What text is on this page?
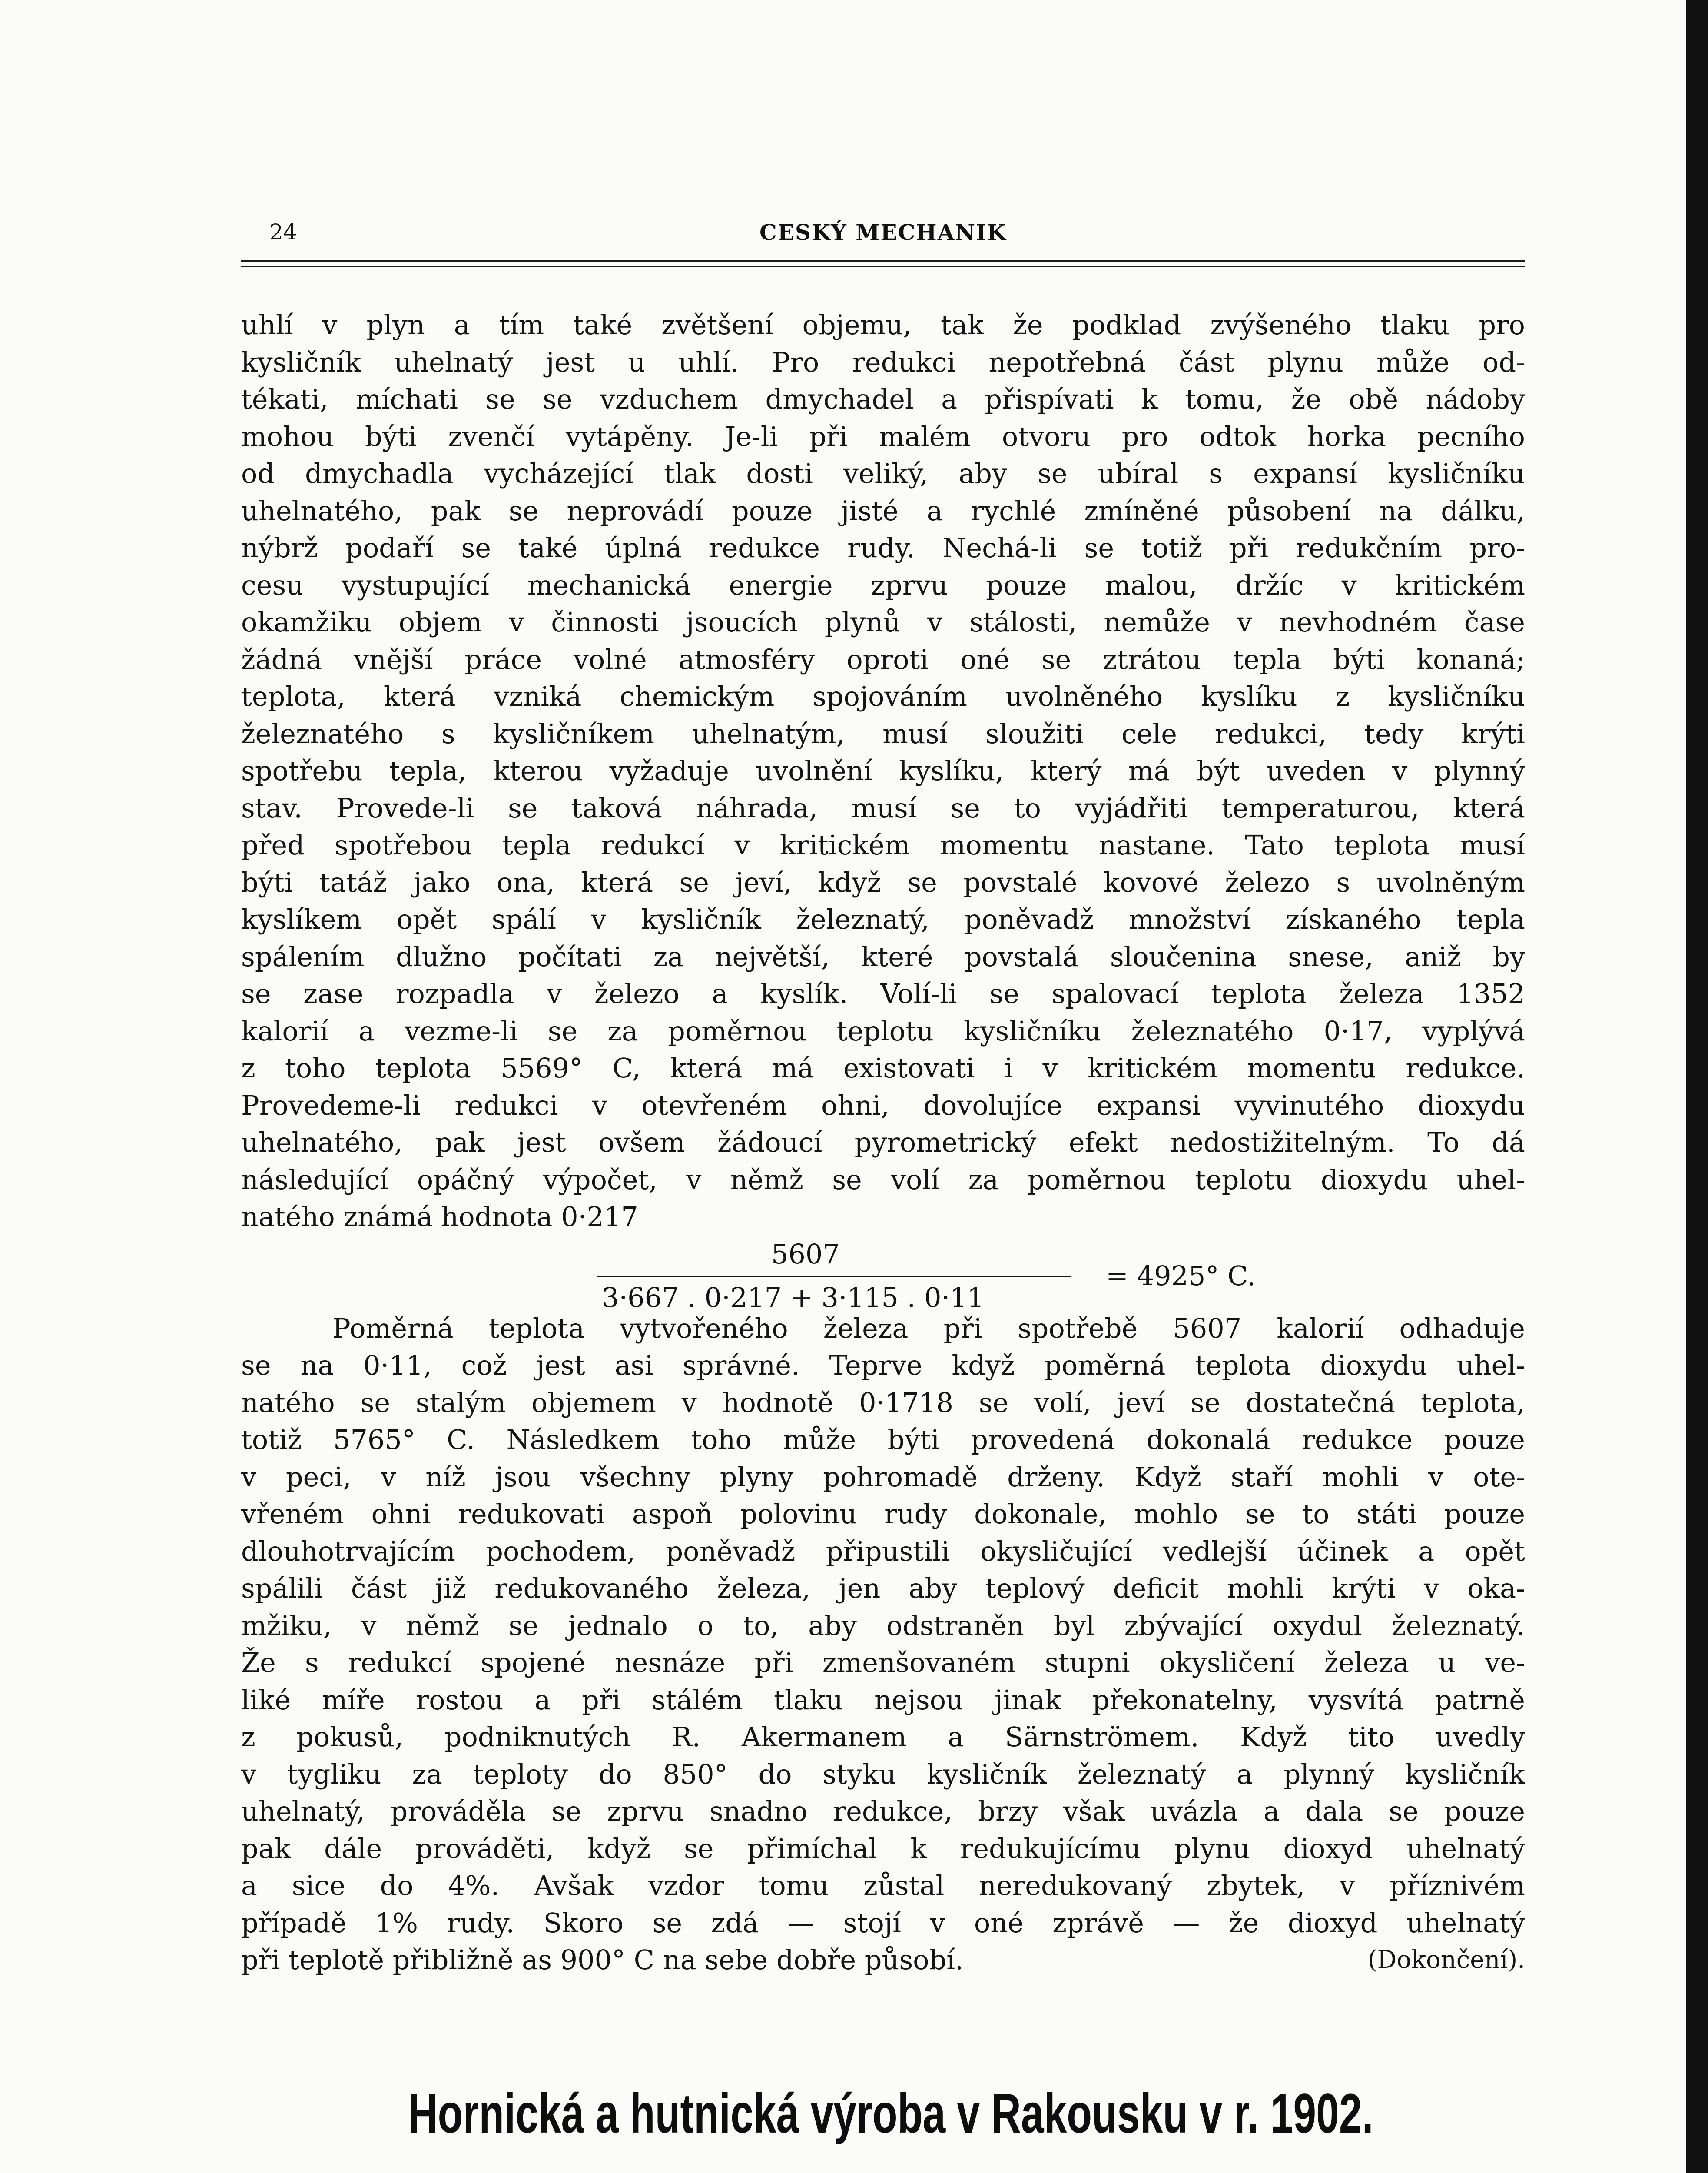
24	CESKÝ MECHANIK
uhlí v plyn a tím také zvětšení objemu, tak že podklad zvýšeného tlaku pro
kysličník uhelnatý jest u uhlí. Pro redukci nepotřebná část plynu může od-
tékati, míchati se se vzduchem dmychadel a přispívati k tomu, že obě nádoby
mohou býti zvenčí vytápěny. Je-li při malém otvoru pro odtok horka pecního
od dmychadla vycházející tlak dosti veliký, aby se ubíral s expansí kysličníku
uhelnatého, pak se neprovádí pouze jisté a rychlé zmíněné působení na dálku,
nýbrž podaří se také úplná redukce rudy. Nechá-li se totiž při redukčním pro-
cesu vystupující mechanická energie zprvu pouze malou, držíc v kritickém
okamžiku objem v činnosti jsoucích plynů v stálosti, nemůže v nevhodném čase
žádná vnější práce volné atmosféry oproti oné se ztrátou tepla býti konaná;
teplota, která vzniká chemickým spojováním uvolněného kyslíku z kysličníku
železnatého s kysličníkem uhelnatým, musí sloužiti cele redukci, tedy krýti
spotřebu tepla, kterou vyžaduje uvolnění kyslíku, který má být uveden v plynný
stav. Provede-li se taková náhrada, musí se to vyjádřiti temperaturou, která
před spotřebou tepla redukcí v kritickém momentu nastane. Tato teplota musí
býti tatáž jako ona, která se jeví, když se povstalé kovové železo s uvolněným
kyslíkem opět spálí v kysličník železnatý, poněvadž množství získaného tepla
spálením dlužno počítati za největší, které povstalá sloučenina snese, aniž by
se zase rozpadla v železo a kyslík. Volí-li se spalovací teplota železa 1352
kalorií a vezme-li se za poměrnou teplotu kysličníku železnatého 0·17, vyplývá
z toho teplota 5569° C, která má existovati i v kritickém momentu redukce.
Provedeme-li redukci v otevřeném ohni, dovolujíce expansi vyvinutého dioxydu
uhelnatého, pak jest ovšem žádoucí pyrometrický efekt nedostižitelným. To dá
následující opáčný výpočet, v němž se volí za poměrnou teplotu dioxydu uhel-
natého známá hodnota 0·217
5607
3·667 . 0·217 + 3·115 . 0·11
= 4925° C.
Poměrná teplota vytvořeného železa při spotřebě 5607 kalorií odhaduje
se na 0·11, což jest asi správné. Teprve když poměrná teplota dioxydu uhel-
natého se stalým objemem v hodnotě 0·1718 se volí, jeví se dostatečná teplota,
totiž 5765° C. Následkem toho může býti provedená dokonalá redukce pouze
v peci, v níž jsou všechny plyny pohromadě drženy. Když staří mohli v ote-
vřeném ohni redukovati aspoň polovinu rudy dokonale, mohlo se to státi pouze
dlouhotrvajícím pochodem, poněvadž připustili okysličující vedlejší účinek a opět
spálili část již redukovaného železa, jen aby teplový deficit mohli krýti v oka-
mžiku, v němž se jednalo o to, aby odstraněn byl zbývající oxydul železnatý.
Že s redukcí spojené nesnáze při zmenšovaném stupni okysličení železa u ve-
liké míře rostou a při stálém tlaku nejsou jinak překonatelny, vysvítá patrně
z pokusů, podniknutých R. Akermanem a Särnströmem. Když tito uvedly
v tygliku za teploty do 850° do styku kysličník železnatý a plynný kysličník
uhelnatý, prováděla se zprvu snadno redukce, brzy však uvázla a dala se pouze
pak dále prováděti, když se přimíchal k redukujícímu plynu dioxyd uhelnatý
a sice do 4%. Avšak vzdor tomu zůstal neredukovaný zbytek, v příznivém
případě 1% rudy. Skoro se zdá — stojí v oné zprávě — že dioxyd uhelnatý
při teplotě přibližně as 900° C na sebe dobře působí.	(Dokončení).
Hornická a hutnická výroba v Rakousku v r. 1902.
